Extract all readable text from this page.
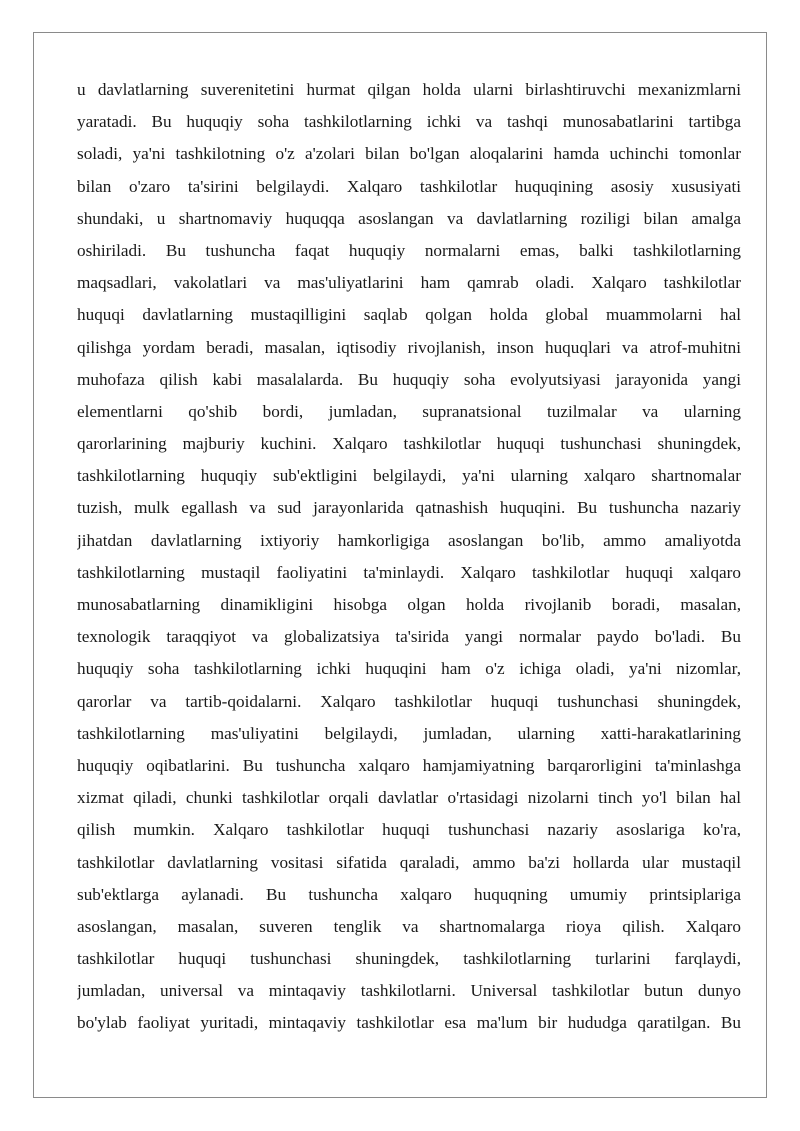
u davlatlarning suverenitetini hurmat qilgan holda ularni birlashtiruvchi mexanizmlarni
yaratadi. Bu huquqiy soha tashkilotlarning ichki va tashqi munosabatlarini tartibga
soladi, ya'ni tashkilotning o'z a'zolari bilan bo'lgan aloqalarini hamda uchinchi tomonlar
bilan o'zaro ta'sirini belgilaydi. Xalqaro tashkilotlar huquqining asosiy xususiyati
shundaki, u shartnomaviy huquqqa asoslangan va davlatlarning roziligi bilan amalga
oshiriladi. Bu tushuncha faqat huquqiy normalarni emas, balki tashkilotlarning
maqsadlari, vakolatlari va mas'uliyatlarini ham qamrab oladi. Xalqaro tashkilotlar
huquqi davlatlarning mustaqilligini saqlab qolgan holda global muammolarni hal
qilishga yordam beradi, masalan, iqtisodiy rivojlanish, inson huquqlari va atrof-muhitni
muhofaza qilish kabi masalalarda. Bu huquqiy soha evolyutsiyasi jarayonida yangi
elementlarni qo'shib bordi, jumladan, supranatsional tuzilmalar va ularning
qarorlarining majburiy kuchini. Xalqaro tashkilotlar huquqi tushunchasi shuningdek,
tashkilotlarning huquqiy sub'ektligini belgilaydi, ya'ni ularning xalqaro shartnomalar
tuzish, mulk egallash va sud jarayonlarida qatnashish huquqini. Bu tushuncha nazariy
jihatdan davlatlarning ixtiyoriy hamkorligiga asoslangan bo'lib, ammo amaliyotda
tashkilotlarning mustaqil faoliyatini ta'minlaydi. Xalqaro tashkilotlar huquqi xalqaro
munosabatlarning dinamikligini hisobga olgan holda rivojlanib boradi, masalan,
texnologik taraqqiyot va globalizatsiya ta'sirida yangi normalar paydo bo'ladi. Bu
huquqiy soha tashkilotlarning ichki huquqini ham o'z ichiga oladi, ya'ni nizomlar,
qarorlar va tartib-qoidalarni. Xalqaro tashkilotlar huquqi tushunchasi shuningdek,
tashkilotlarning mas'uliyatini belgilaydi, jumladan, ularning xatti-harakatlarining
huquqiy oqibatlarini. Bu tushuncha xalqaro hamjamiyatning barqarorligini ta'minlashga
xizmat qiladi, chunki tashkilotlar orqali davlatlar o'rtasidagi nizolarni tinch yo'l bilan hal
qilish mumkin. Xalqaro tashkilotlar huquqi tushunchasi nazariy asoslariga ko'ra,
tashkilotlar davlatlarning vositasi sifatida qaraladi, ammo ba'zi hollarda ular mustaqil
sub'ektlarga aylanadi. Bu tushuncha xalqaro huquqning umumiy printsiplariga
asoslangan, masalan, suveren tenglik va shartnomalarga rioya qilish. Xalqaro
tashkilotlar huquqi tushunchasi shuningdek, tashkilotlarning turlarini farqlaydi,
jumladan, universal va mintaqaviy tashkilotlarni. Universal tashkilotlar butun dunyo
bo'ylab faoliyat yuritadi, mintaqaviy tashkilotlar esa ma'lum bir hududga qaratilgan. Bu
